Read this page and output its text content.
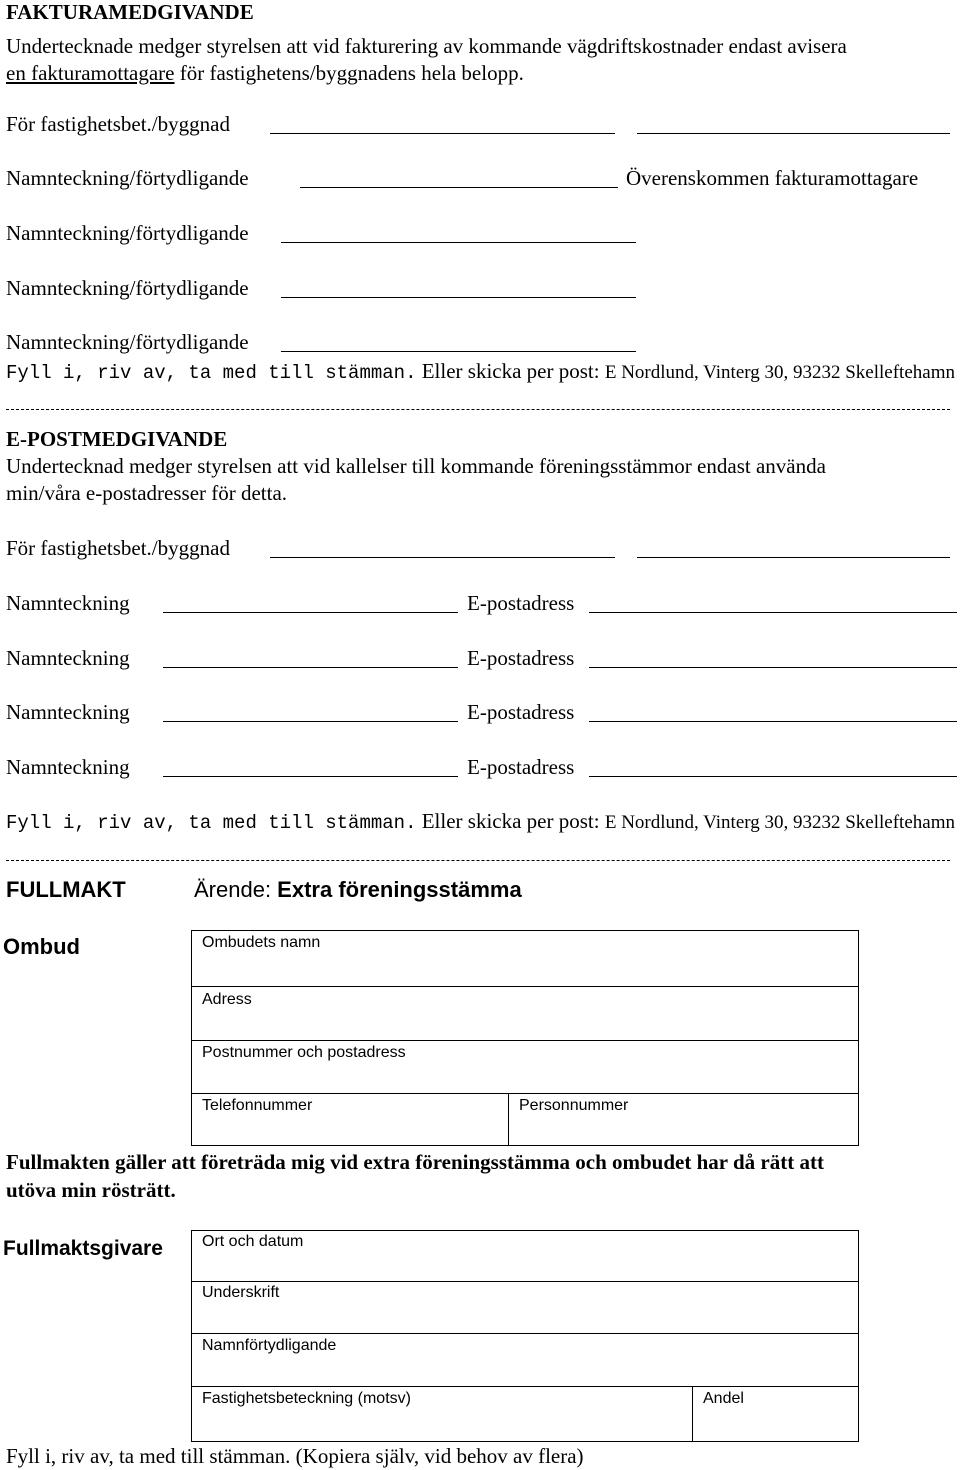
FAKTURAMEDGIVANDE
Undertecknade medger styrelsen att vid fakturering av kommande vägdriftskostnader endast avisera
en fakturamottagare för fastighetens/byggnadens hela belopp.
För fastighetsbet./byggnad
Namnteckning/förtydligande	Överenskommen fakturamottagare
Namnteckning/förtydligande
Namnteckning/förtydligande
Namnteckning/förtydligande
Fyll i, riv av, ta med till stämman. Eller skicka per post: E Nordlund, Vinterg 30, 93232 Skelleftehamn
E-POSTMEDGIVANDE
Undertecknad medger styrelsen att vid kallelser till kommande föreningsstämmor endast använda
min/våra e-postadresser för detta.
För fastighetsbet./byggnad
Namnteckning	E-postadress
Namnteckning	E-postadress
Namnteckning	E-postadress
Namnteckning	E-postadress
Fyll i, riv av, ta med till stämman. Eller skicka per post: E Nordlund, Vinterg 30, 93232 Skelleftehamn
FULLMAKT	Ärende: Extra föreningsstämma
Ombud	Ombudets namn
Adress
Postnummer och postadress
Telefonnummer	Personnummer
Fullmakten gäller att företräda mig vid extra föreningsstämma och ombudet har då rätt att
utöva min rösträtt.
Fullmaktsgivare Ort och datum
Underskrift
Namnförtydligande
Fastighetsbeteckning (motsv)	Andel
Fyll i, riv av, ta med till stämman. (Kopiera själv, vid behov av flera)
